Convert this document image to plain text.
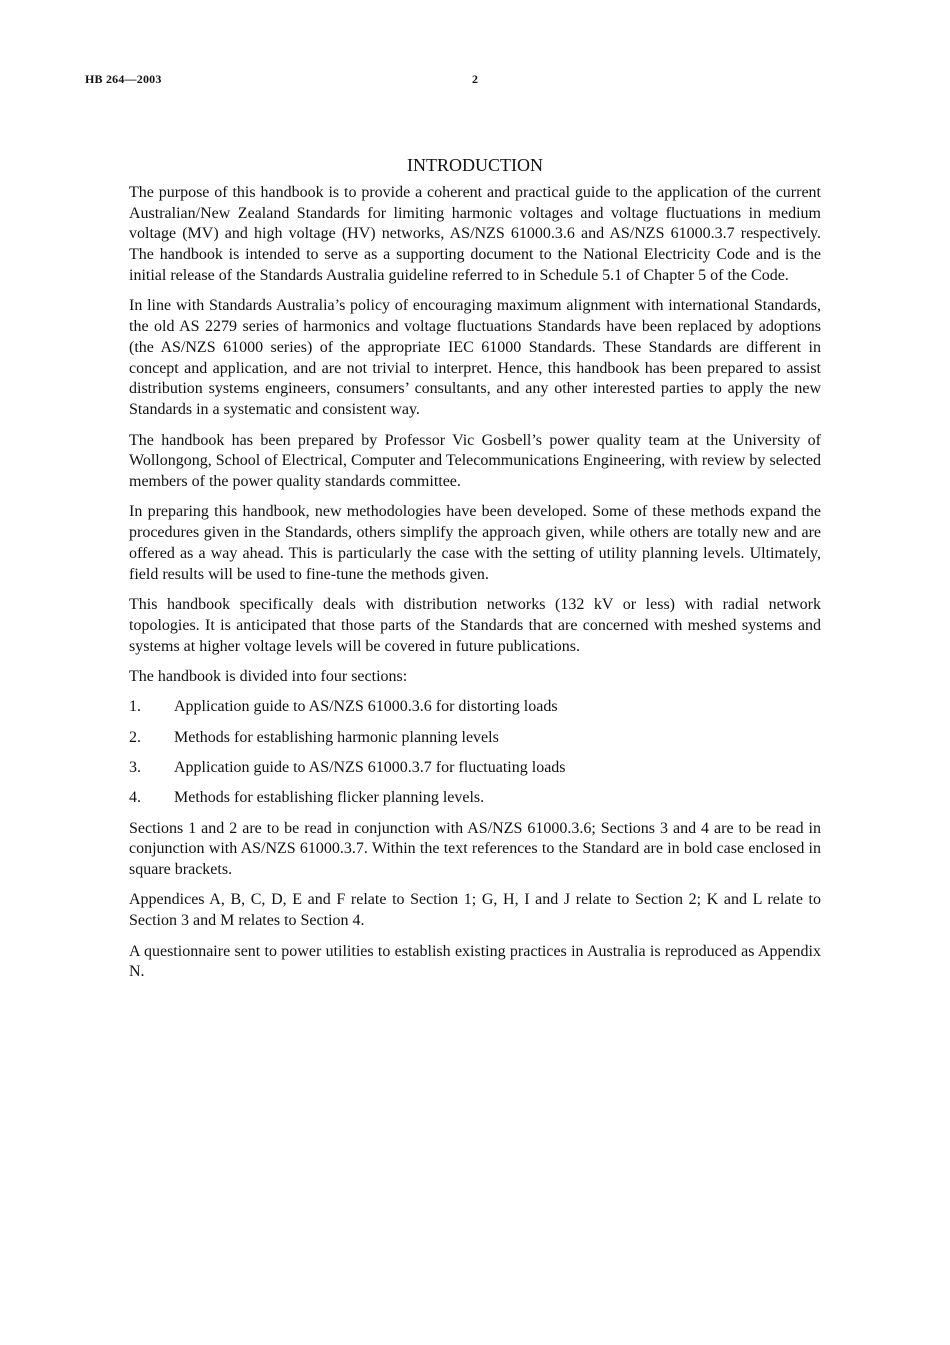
HB 264—2003	2
INTRODUCTION

The purpose of this handbook is to provide a coherent and practical guide to the application of the current Australian/New Zealand Standards for limiting harmonic voltages and voltage fluctuations in medium voltage (MV) and high voltage (HV) networks, AS/NZS 61000.3.6 and AS/NZS 61000.3.7 respectively. The handbook is intended to serve as a supporting document to the National Electricity Code and is the initial release of the Standards Australia guideline referred to in Schedule 5.1 of Chapter 5 of the Code.

In line with Standards Australia’s policy of encouraging maximum alignment with international Standards, the old AS 2279 series of harmonics and voltage fluctuations Standards have been replaced by adoptions (the AS/NZS 61000 series) of the appropriate IEC 61000 Standards. These Standards are different in concept and application, and are not trivial to interpret. Hence, this handbook has been prepared to assist distribution systems engineers, consumers’ consultants, and any other interested parties to apply the new Standards in a systematic and consistent way.

The handbook has been prepared by Professor Vic Gosbell’s power quality team at the University of Wollongong, School of Electrical, Computer and Telecommunications Engineering, with review by selected members of the power quality standards committee.

In preparing this handbook, new methodologies have been developed. Some of these methods expand the procedures given in the Standards, others simplify the approach given, while others are totally new and are offered as a way ahead. This is particularly the case with the setting of utility planning levels. Ultimately, field results will be used to fine-tune the methods given.

This handbook specifically deals with distribution networks (132 kV or less) with radial network topologies. It is anticipated that those parts of the Standards that are concerned with meshed systems and systems at higher voltage levels will be covered in future publications.

The handbook is divided into four sections:

1.	Application guide to AS/NZS 61000.3.6 for distorting loads
2.	Methods for establishing harmonic planning levels
3.	Application guide to AS/NZS 61000.3.7 for fluctuating loads
4.	Methods for establishing flicker planning levels.

Sections 1 and 2 are to be read in conjunction with AS/NZS 61000.3.6; Sections 3 and 4 are to be read in conjunction with AS/NZS 61000.3.7. Within the text references to the Standard are in bold case enclosed in square brackets.

Appendices A, B, C, D, E and F relate to Section 1; G, H, I and J relate to Section 2; K and L relate to Section 3 and M relates to Section 4.

A questionnaire sent to power utilities to establish existing practices in Australia is reproduced as Appendix N.
